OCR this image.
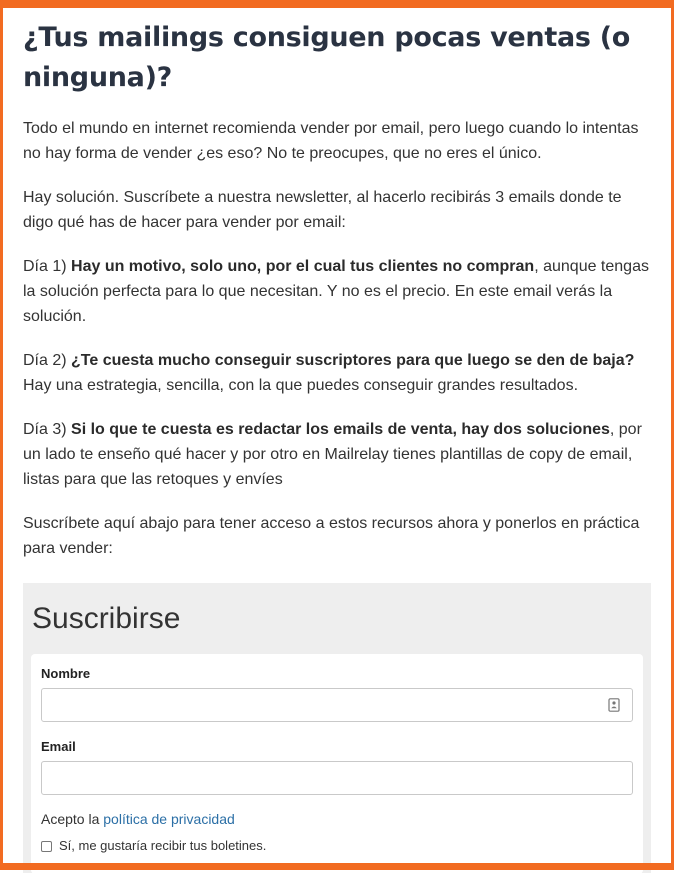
¿Tus mailings consiguen pocas ventas (o ninguna)?

Todo el mundo en internet recomienda vender por email, pero luego cuando lo intentas no hay forma de vender ¿es eso? No te preocupes, que no eres el único.

Hay solución. Suscríbete a nuestra newsletter, al hacerlo recibirás 3 emails donde te digo qué has de hacer para vender por email:

Día 1) Hay un motivo, solo uno, por el cual tus clientes no compran, aunque tengas la solución perfecta para lo que necesitan. Y no es el precio. En este email verás la solución.

Día 2) ¿Te cuesta mucho conseguir suscriptores para que luego se den de baja? Hay una estrategia, sencilla, con la que puedes conseguir grandes resultados.

Día 3) Si lo que te cuesta es redactar los emails de venta, hay dos soluciones, por un lado te enseño qué hacer y por otro en Mailrelay tienes plantillas de copy de email, listas para que las retoques y envíes

Suscríbete aquí abajo para tener acceso a estos recursos ahora y ponerlos en práctica para vender:

Suscribirse
Nombre
Email
Acepto la política de privacidad
Sí, me gustaría recibir tus boletines.
